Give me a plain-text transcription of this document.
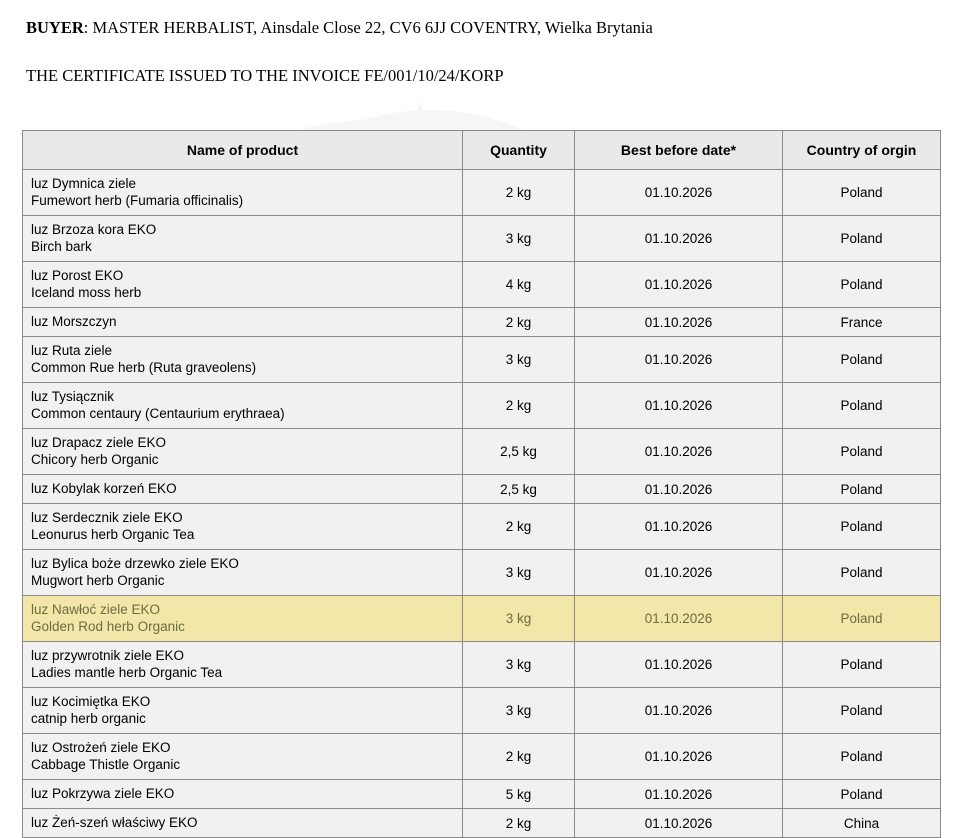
BUYER: MASTER HERBALIST, Ainsdale Close 22, CV6 6JJ COVENTRY, Wielka Brytania

THE CERTIFICATE ISSUED TO THE INVOICE FE/001/10/24/KORP

Name of product	Quantity	Best before date*	Country of orgin

luz Dymnica ziele
Fumewort herb (Fumaria officinalis)	2 kg	01.10.2026	Poland

luz Brzoza kora EKO
Birch bark	3 kg	01.10.2026	Poland

luz Porost EKO
Iceland moss herb	4 kg	01.10.2026	Poland

luz Morszczyn	2 kg	01.10.2026	France

luz Ruta ziele
Common Rue herb (Ruta graveolens)	3 kg	01.10.2026	Poland

luz Tysiącznik
Common centaury (Centaurium erythraea)	2 kg	01.10.2026	Poland

luz Drapacz ziele EKO
Chicory herb Organic	2,5 kg	01.10.2026	Poland

luz Kobylak korzeń EKO	2,5 kg	01.10.2026	Poland

luz Serdecznik ziele EKO
Leonurus herb Organic Tea	2 kg	01.10.2026	Poland

luz Bylica boże drzewko ziele EKO
Mugwort herb Organic	3 kg	01.10.2026	Poland

luz Nawłoć ziele EKO
Golden Rod herb Organic	3 kg	01.10.2026	Poland

luz przywrotnik ziele EKO
Ladies mantle herb Organic Tea	3 kg	01.10.2026	Poland

luz Kocimiętka EKO
catnip herb organic	3 kg	01.10.2026	Poland

luz Ostrożeń ziele EKO
Cabbage Thistle Organic	2 kg	01.10.2026	Poland

luz Pokrzywa ziele EKO	5 kg	01.10.2026	Poland

luz Żeń-szeń właściwy EKO	2 kg	01.10.2026	China
